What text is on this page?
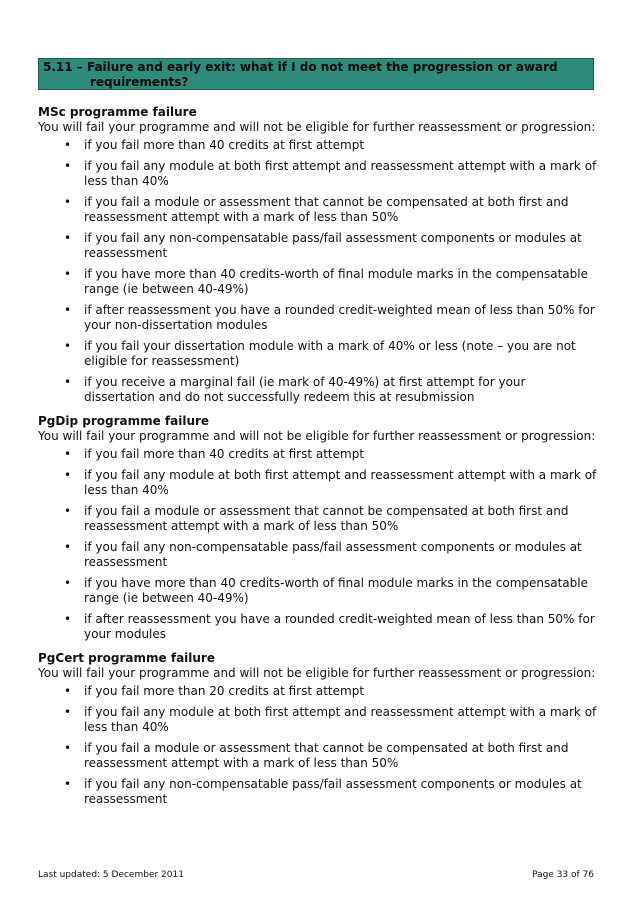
5.11 – Failure and early exit: what if I do not meet the progression or award
requirements?
MSc programme failure

You will fail your programme and will not be eligible for further reassessment or progression:

• if you fail more than 40 credits at first attempt
• if you fail any module at both first attempt and reassessment attempt with a mark of less than 40%
• if you fail a module or assessment that cannot be compensated at both first and reassessment attempt with a mark of less than 50%
• if you fail any non-compensatable pass/fail assessment components or modules at reassessment
• if you have more than 40 credits-worth of final module marks in the compensatable range (ie between 40-49%)
• if after reassessment you have a rounded credit-weighted mean of less than 50% for your non-dissertation modules
• if you fail your dissertation module with a mark of 40% or less (note – you are not eligible for reassessment)
• if you receive a marginal fail (ie mark of 40-49%) at first attempt for your dissertation and do not successfully redeem this at resubmission
PgDip programme failure

You will fail your programme and will not be eligible for further reassessment or progression:

• if you fail more than 40 credits at first attempt
• if you fail any module at both first attempt and reassessment attempt with a mark of less than 40%
• if you fail a module or assessment that cannot be compensated at both first and reassessment attempt with a mark of less than 50%
• if you fail any non-compensatable pass/fail assessment components or modules at reassessment
• if you have more than 40 credits-worth of final module marks in the compensatable range (ie between 40-49%)
• if after reassessment you have a rounded credit-weighted mean of less than 50% for your modules
PgCert programme failure

You will fail your programme and will not be eligible for further reassessment or progression:

• if you fail more than 20 credits at first attempt
• if you fail any module at both first attempt and reassessment attempt with a mark of less than 40%
• if you fail a module or assessment that cannot be compensated at both first and reassessment attempt with a mark of less than 50%
• if you fail any non-compensatable pass/fail assessment components or modules at reassessment
Last updated: 5 December 2011	Page 33 of 76
